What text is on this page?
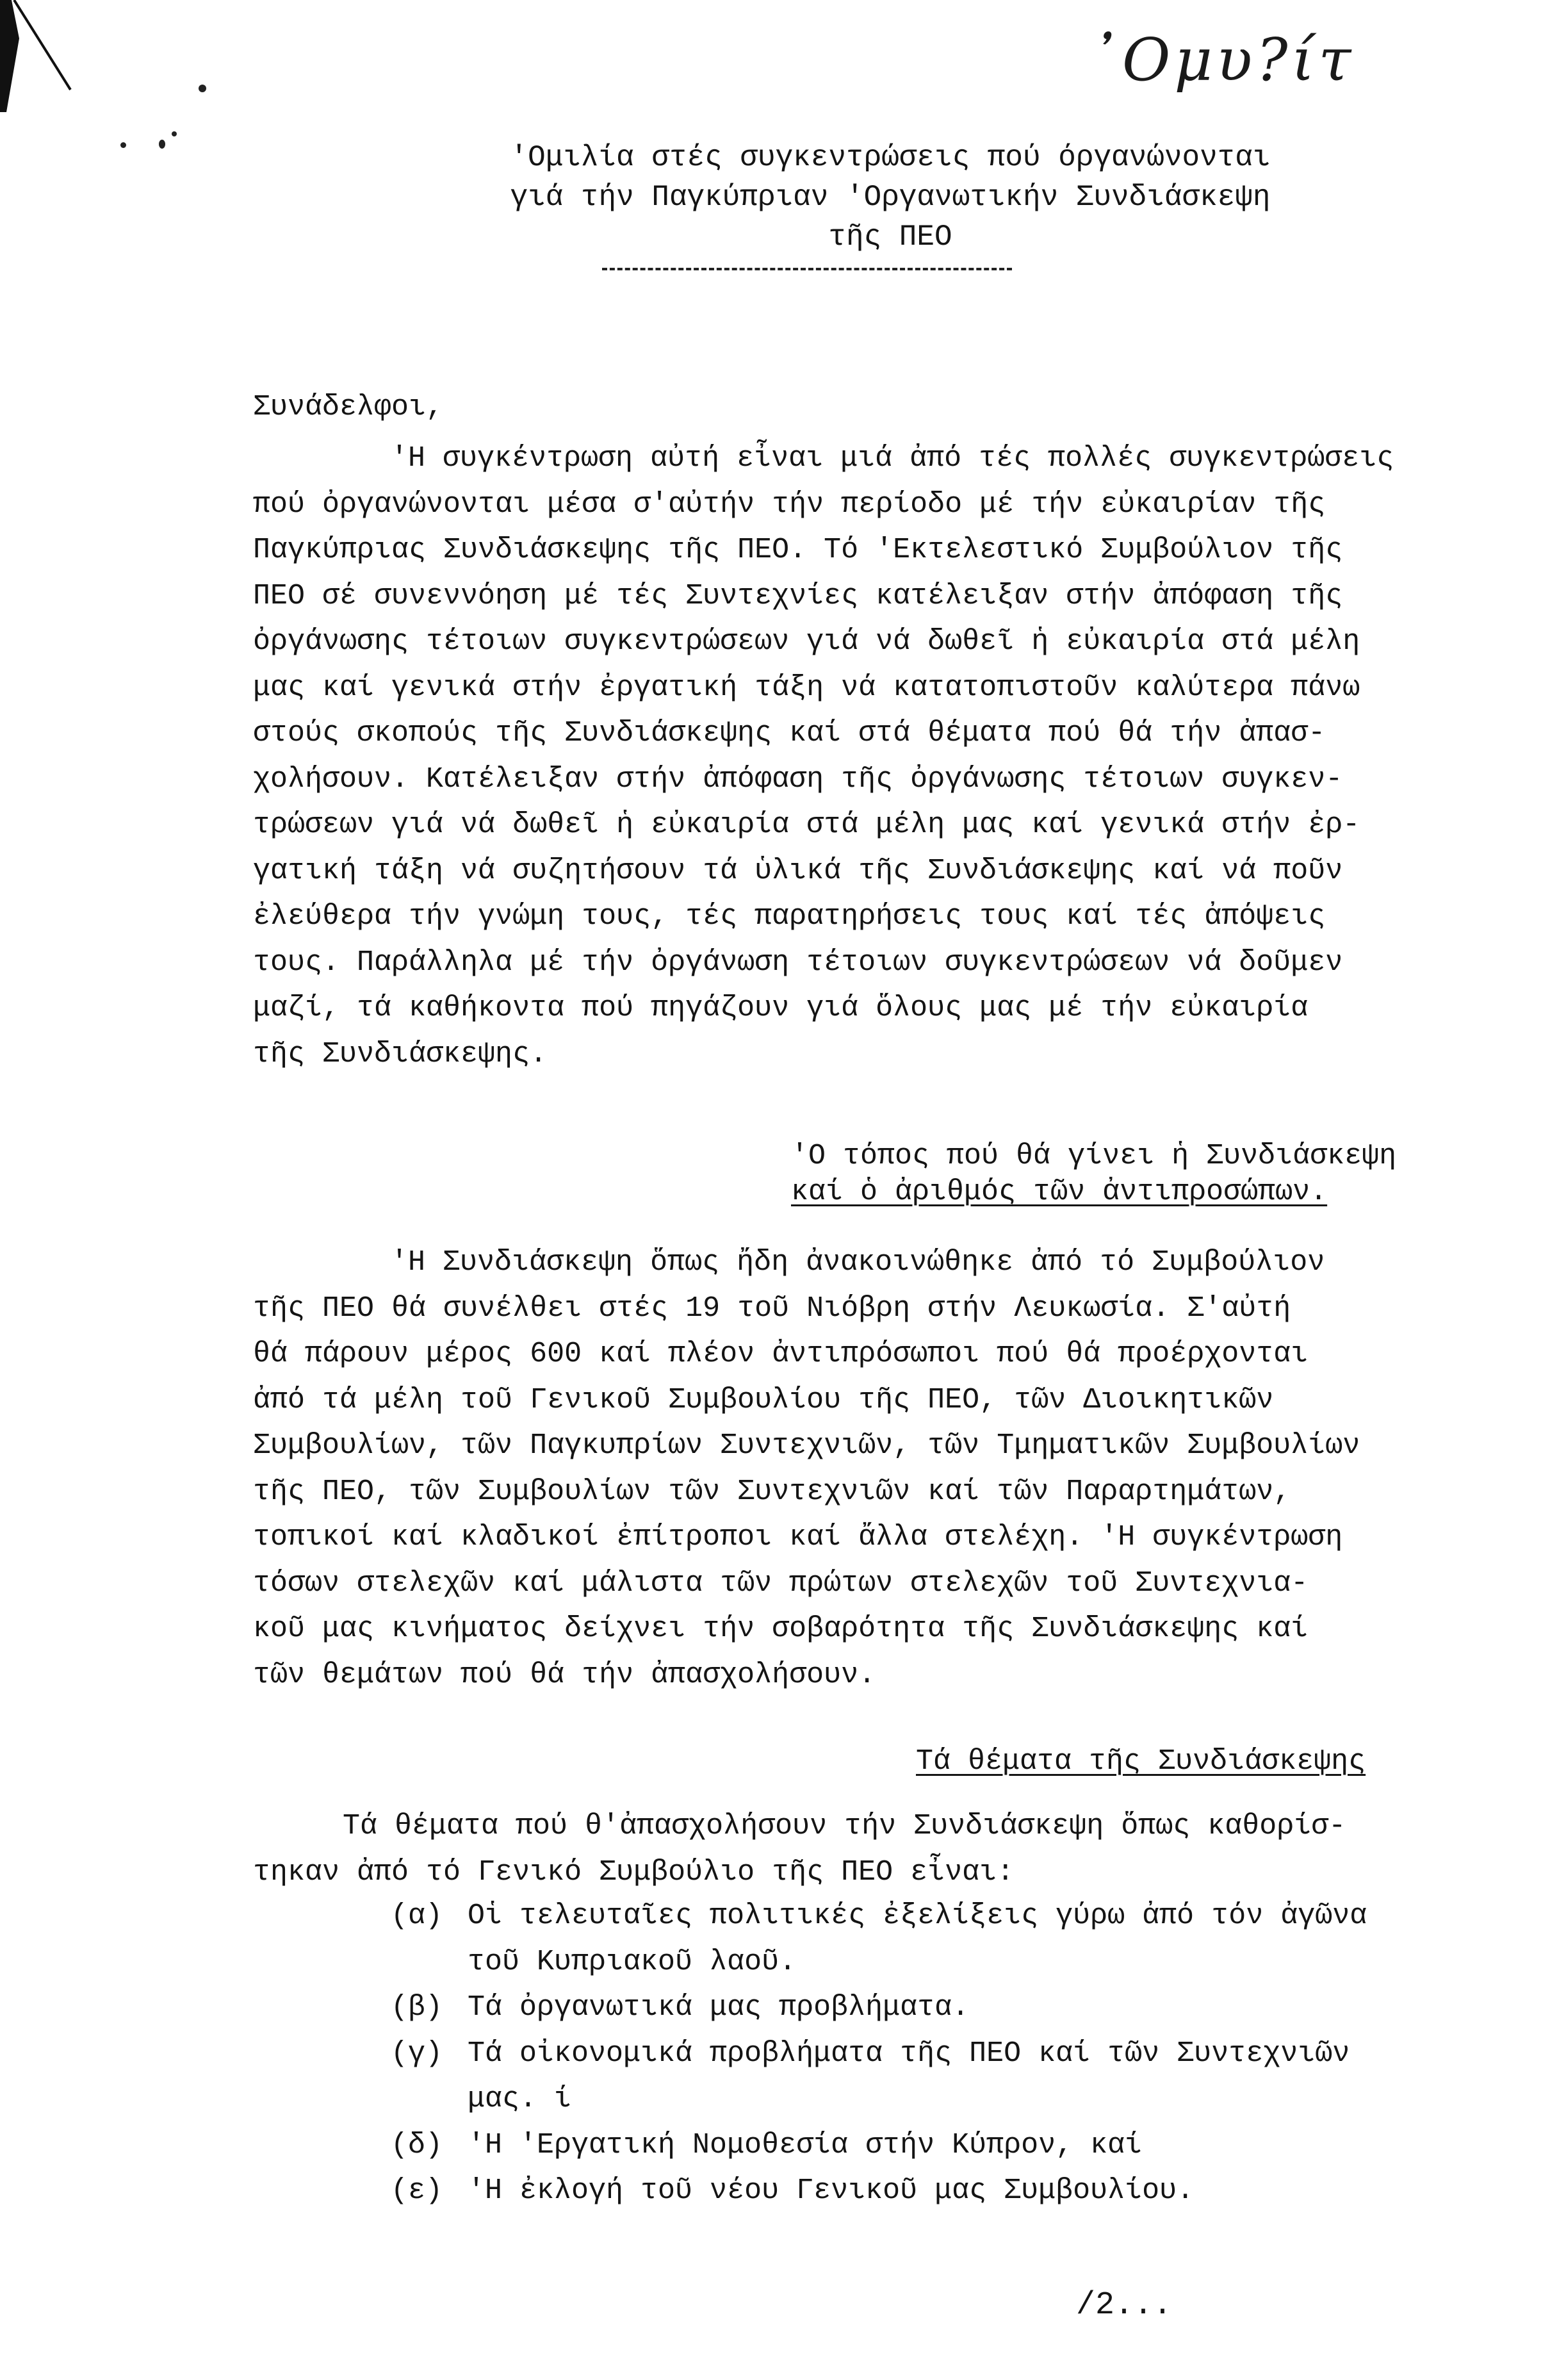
᾿Ομυ?ίτ
'Ομιλία στές συγκεντρώσεις πού όργανώνονται
γιά τήν Παγκύπριαν 'Οργανωτικήν Συνδιάσκεψη
τῆς ΠΕΟ
Συνάδελφοι,
'Η συγκέντρωση αὐτή εἶναι μιά ἀπό τές πολλές συγκεντρώσεις
πού ὀργανώνονται μέσα σ'αὐτήν τήν περίοδο μέ τήν εὐκαιρίαν τῆς
Παγκύπριας Συνδιάσκεψης τῆς ΠΕΟ. Τό 'Εκτελεστικό Συμβούλιον τῆς
ΠΕΟ σέ συνεννόηση μέ τές Συντεχνίες κατέλειξαν στήν ἀπόφαση τῆς
ὀργάνωσης τέτοιων συγκεντρώσεων γιά νά δωθεῖ ἡ εὐκαιρία στά μέλη
μας καί γενικά στήν ἐργατική τάξη νά κατατοπιστοῦν καλύτερα πάνω
στούς σκοπούς τῆς Συνδιάσκεψης καί στά θέματα πού θά τήν ἀπασ-
χολήσουν. Κατέλειξαν στήν ἀπόφαση τῆς ὀργάνωσης τέτοιων συγκεν-
τρώσεων γιά νά δωθεῖ ἡ εὐκαιρία στά μέλη μας καί γενικά στήν ἐρ-
γατική τάξη νά συζητήσουν τά ὑλικά τῆς Συνδιάσκεψης καί νά ποῦν
ἐλεύθερα τήν γνώμη τους, τές παρατηρήσεις τους καί τές ἀπόψεις
τους. Παράλληλα μέ τήν ὀργάνωση τέτοιων συγκεντρώσεων νά δοῦμεν
μαζί, τά καθήκοντα πού πηγάζουν γιά ὅλους μας μέ τήν εὐκαιρία
τῆς Συνδιάσκεψης.
'Ο τόπος πού θά γίνει ἡ Συνδιάσκεψη
καί ὁ ἀριθμός τῶν ἀντιπροσώπων.
'Η Συνδιάσκεψη ὅπως ἤδη ἀνακοινώθηκε ἀπό τό Συμβούλιον
τῆς ΠΕΟ θά συνέλθει στές 19 τοῦ Νιόβρη στήν Λευκωσία. Σ'αὐτή
θά πάρουν μέρος 600 καί πλέον ἀντιπρόσωποι πού θά προέρχονται
ἀπό τά μέλη τοῦ Γενικοῦ Συμβουλίου τῆς ΠΕΟ, τῶν Διοικητικῶν
Συμβουλίων, τῶν Παγκυπρίων Συντεχνιῶν, τῶν Τμηματικῶν Συμβουλίων
τῆς ΠΕΟ, τῶν Συμβουλίων τῶν Συντεχνιῶν καί τῶν Παραρτημάτων,
τοπικοί καί κλαδικοί ἐπίτροποι καί ἄλλα στελέχη. 'Η συγκέντρωση
τόσων στελεχῶν καί μάλιστα τῶν πρώτων στελεχῶν τοῦ Συντεχνια-
κοῦ μας κινήματος δείχνει τήν σοβαρότητα τῆς Συνδιάσκεψης καί
τῶν θεμάτων πού θά τήν ἀπασχολήσουν.
Τά θέματα τῆς Συνδιάσκεψης
Τά θέματα πού θ'ἀπασχολήσουν τήν Συνδιάσκεψη ὅπως καθορίσ-
τηκαν ἀπό τό Γενικό Συμβούλιο τῆς ΠΕΟ εἶναι:
(α) Οἱ τελευταῖες πολιτικές ἐξελίξεις γύρω ἀπό τόν ἀγῶνα
τοῦ Κυπριακοῦ λαοῦ.
(β) Τά ὀργανωτικά μας προβλήματα.
(γ) Τά οἰκονομικά προβλήματα τῆς ΠΕΟ καί τῶν Συντεχνιῶν
μας. ί
(δ) 'Η 'Εργατική Νομοθεσία στήν Κύπρον, καί
(ε) 'Η ἐκλογή τοῦ νέου Γενικοῦ μας Συμβουλίου.
/2...
